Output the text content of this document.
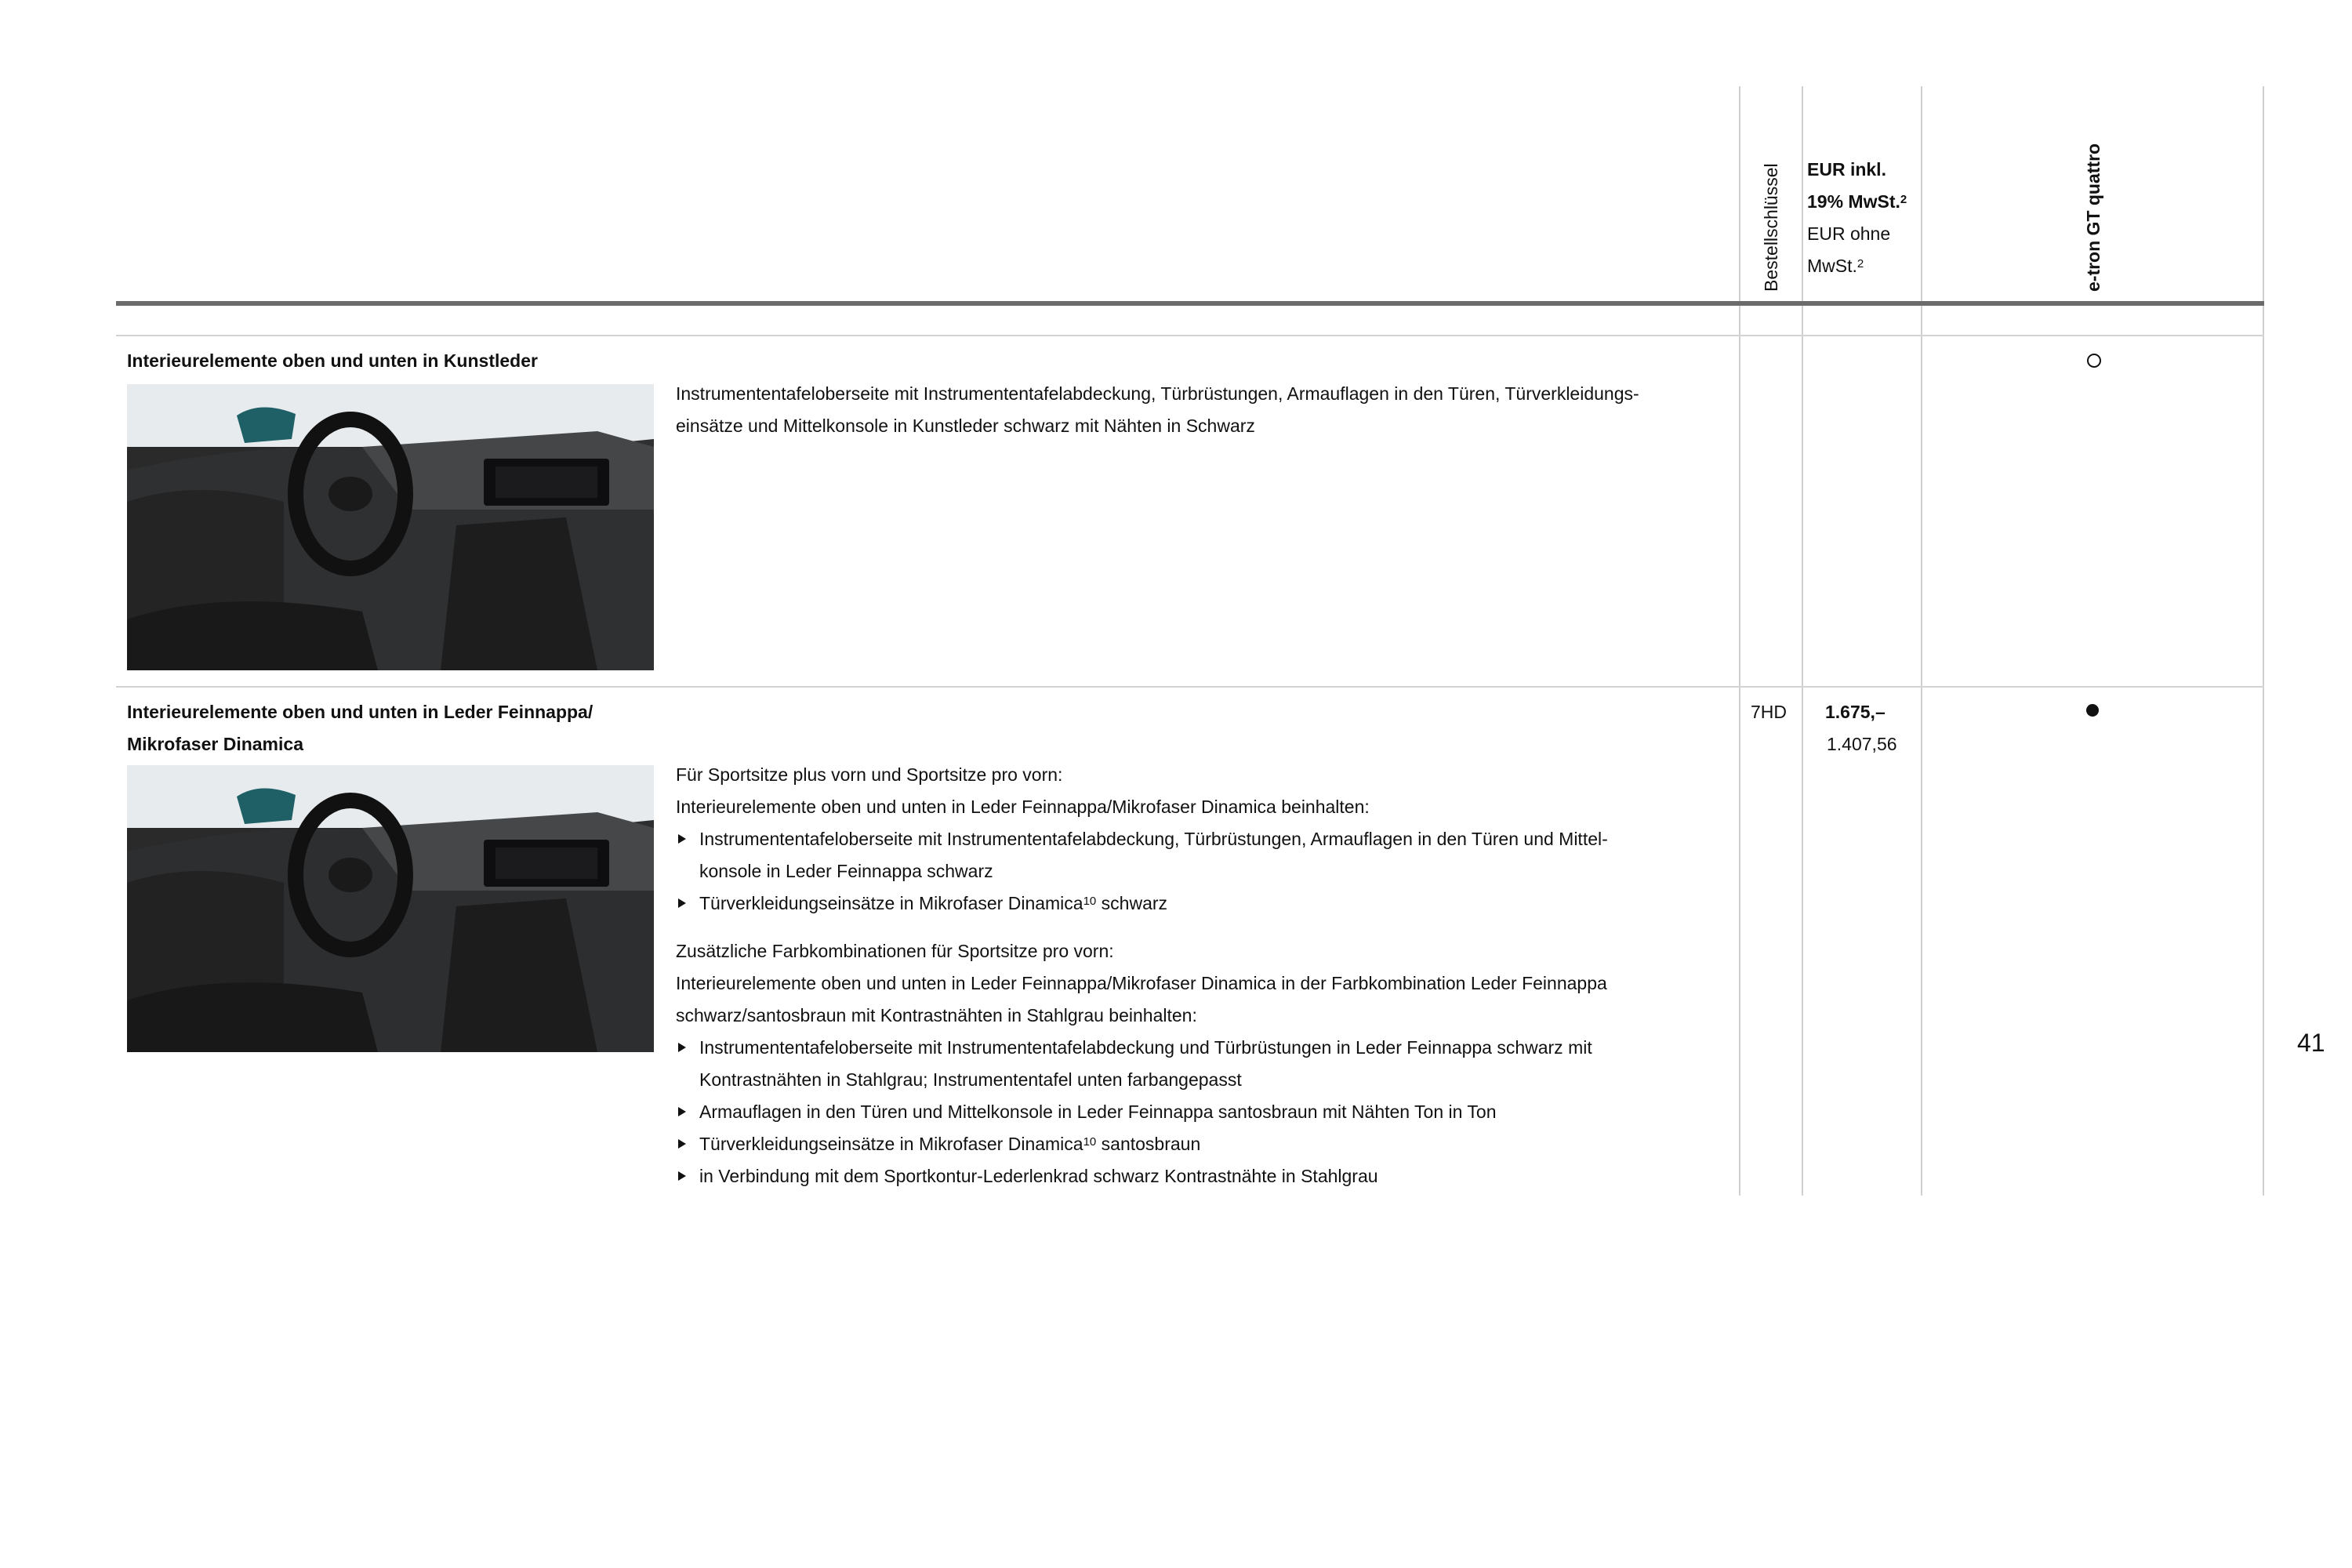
Bestellschlüssel EUR inkl.
19% MwSt.$^2$
EUR ohne
MwSt.$^2$	e-tron GT quattro
Interieurelemente oben und unten in Kunstleder
Instrumententafeloberseite mit Instrumententafelabdeckung, Türbrüstungen, Armauflagen in den Türen, Türverkleidungs-
einsätze und Mittelkonsole in Kunstleder schwarz mit Nähten in Schwarz
Interieurelemente oben und unten in Leder Feinnappa/
Mikrofaser Dinamica
Für Sportsitze plus vorn und Sportsitze pro vorn:
Interieurelemente oben und unten in Leder Feinnappa/Mikrofaser Dinamica beinhalten:
Instrumententafeloberseite mit Instrumententafelabdeckung, Türbrüstungen, Armauflagen in den Türen und Mittel-
konsole in Leder Feinnappa schwarz
Türverkleidungseinsätze in Mikrofaser Dinamica$^{10}$ schwarz
Zusätzliche Farbkombinationen für Sportsitze pro vorn:
Interieurelemente oben und unten in Leder Feinnappa/Mikrofaser Dinamica in der Farbkombination Leder Feinnappa
schwarz/santosbraun mit Kontrastnähten in Stahlgrau beinhalten:
Instrumententafeloberseite mit Instrumententafelabdeckung und Türbrüstungen in Leder Feinnappa schwarz mit
Kontrastnähten in Stahlgrau; Instrumententafel unten farbangepasst
Armauflagen in den Türen und Mittelkonsole in Leder Feinnappa santosbraun mit Nähten Ton in Ton
Türverkleidungseinsätze in Mikrofaser Dinamica$^{10}$ santosbraun
in Verbindung mit dem Sportkontur-Lederlenkrad schwarz Kontrastnähte in Stahlgrau
7HD 1.675,–
1.407,56
41
